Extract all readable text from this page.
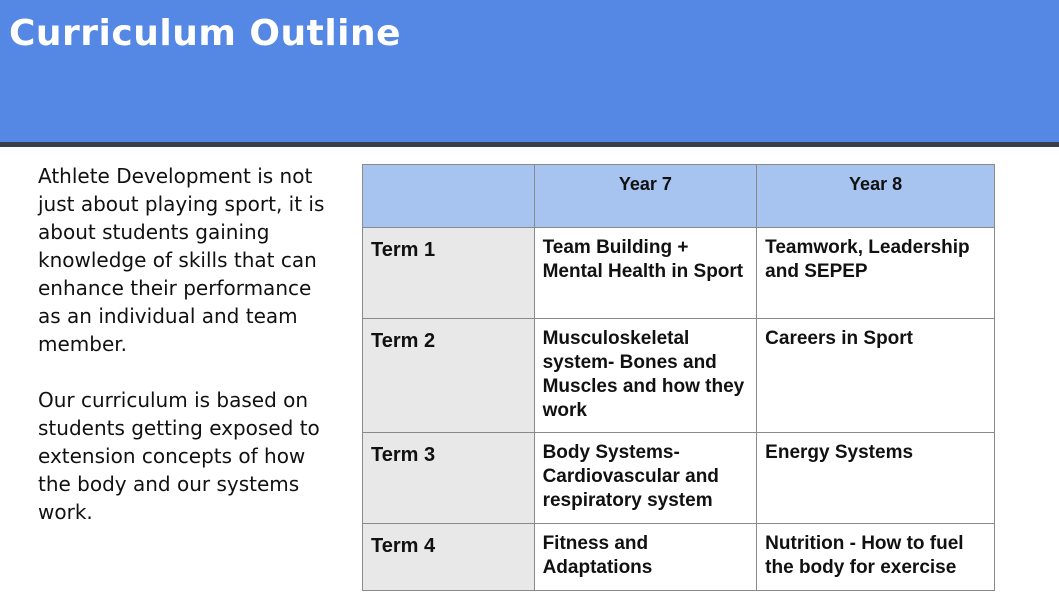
Curriculum Outline

Athlete Development is not just about playing sport, it is about students gaining knowledge of skills that can enhance their performance as an individual and team member.

Our curriculum is based on students getting exposed to extension concepts of how the body and our systems work.

	Year 7	Year 8
Term 1	Team Building + Mental Health in Sport	Teamwork, Leadership and SEPEP
Term 2	Musculoskeletal system- Bones and Muscles and how they work	Careers in Sport
Term 3	Body Systems- Cardiovascular and respiratory system	Energy Systems
Term 4	Fitness and Adaptations	Nutrition - How to fuel the body for exercise
